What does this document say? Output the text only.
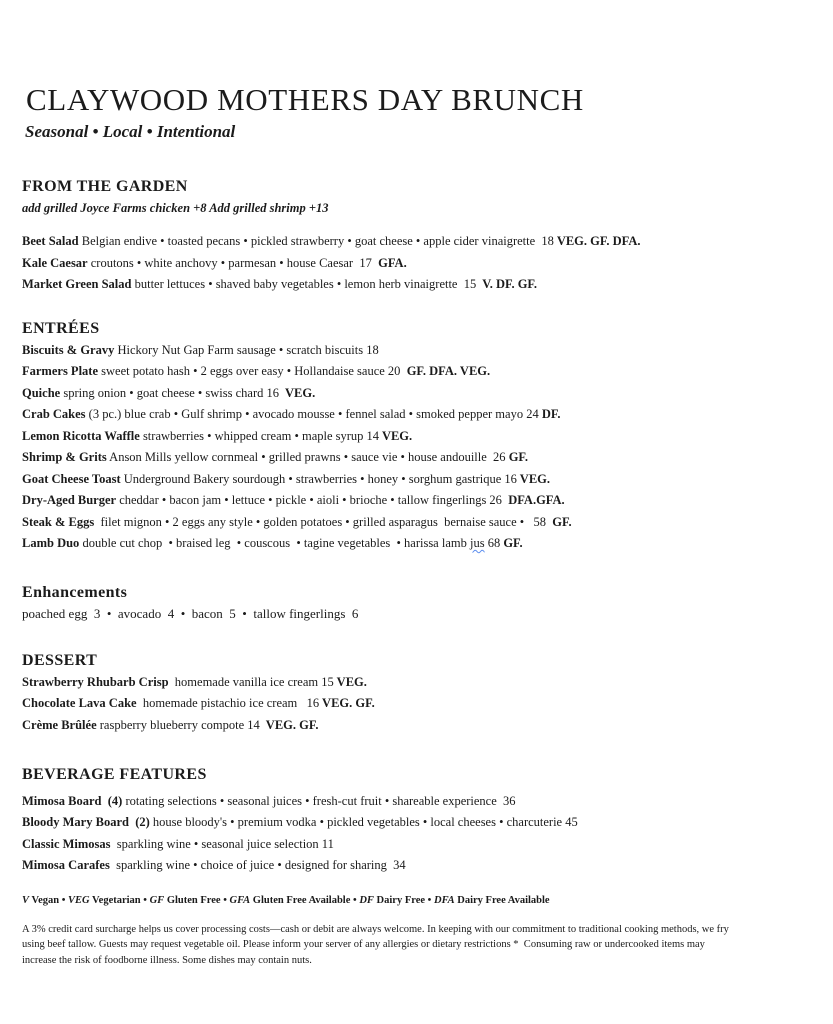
CLAYWOOD MOTHERS DAY BRUNCH
Seasonal • Local • Intentional
FROM THE GARDEN
add grilled Joyce Farms chicken +8 Add grilled shrimp +13
Beet Salad Belgian endive • toasted pecans • pickled strawberry • goat cheese • apple cider vinaigrette  18 VEG. GF. DFA.
Kale Caesar croutons • white anchovy • parmesan • house Caesar  17  GFA.
Market Green Salad butter lettuces • shaved baby vegetables • lemon herb vinaigrette  15  V. DF. GF.
ENTRÉES
Biscuits & Gravy Hickory Nut Gap Farm sausage • scratch biscuits 18
Farmers Plate sweet potato hash • 2 eggs over easy • Hollandaise sauce 20  GF. DFA. VEG.
Quiche spring onion • goat cheese • swiss chard 16  VEG.
Crab Cakes (3 pc.) blue crab • Gulf shrimp • avocado mousse • fennel salad • smoked pepper mayo 24 DF.
Lemon Ricotta Waffle strawberries • whipped cream • maple syrup 14 VEG.
Shrimp & Grits Anson Mills yellow cornmeal • grilled prawns • sauce vie • house andouille  26 GF.
Goat Cheese Toast Underground Bakery sourdough • strawberries • honey • sorghum gastrique 16 VEG.
Dry-Aged Burger cheddar • bacon jam • lettuce • pickle • aioli • brioche • tallow fingerlings 26  DFA.GFA.
Steak & Eggs  filet mignon • 2 eggs any style • golden potatoes • grilled asparagus  bernaise sauce •   58  GF.
Lamb Duo double cut chop  • braised leg  • couscous  • tagine vegetables  • harissa lamb jus 68 GF.
Enhancements
poached egg  3  •  avocado  4  •  bacon  5  •  tallow fingerlings  6
DESSERT
Strawberry Rhubarb Crisp  homemade vanilla ice cream 15 VEG.
Chocolate Lava Cake  homemade pistachio ice cream   16 VEG. GF.
Crème Brûlée raspberry blueberry compote 14  VEG. GF.
BEVERAGE FEATURES
Mimosa Board  (4) rotating selections • seasonal juices • fresh-cut fruit • shareable experience  36
Bloody Mary Board  (2) house bloody's • premium vodka • pickled vegetables • local cheeses • charcuterie 45
Classic Mimosas  sparkling wine • seasonal juice selection 11
Mimosa Carafes  sparkling wine • choice of juice • designed for sharing  34
V Vegan • VEG Vegetarian • GF Gluten Free • GFA Gluten Free Available • DF Dairy Free • DFA Dairy Free Available
A 3% credit card surcharge helps us cover processing costs—cash or debit are always welcome. In keeping with our commitment to traditional cooking methods, we fry
using beef tallow. Guests may request vegetable oil. Please inform your server of any allergies or dietary restrictions *  Consuming raw or undercooked items may
increase the risk of foodborne illness. Some dishes may contain nuts.
